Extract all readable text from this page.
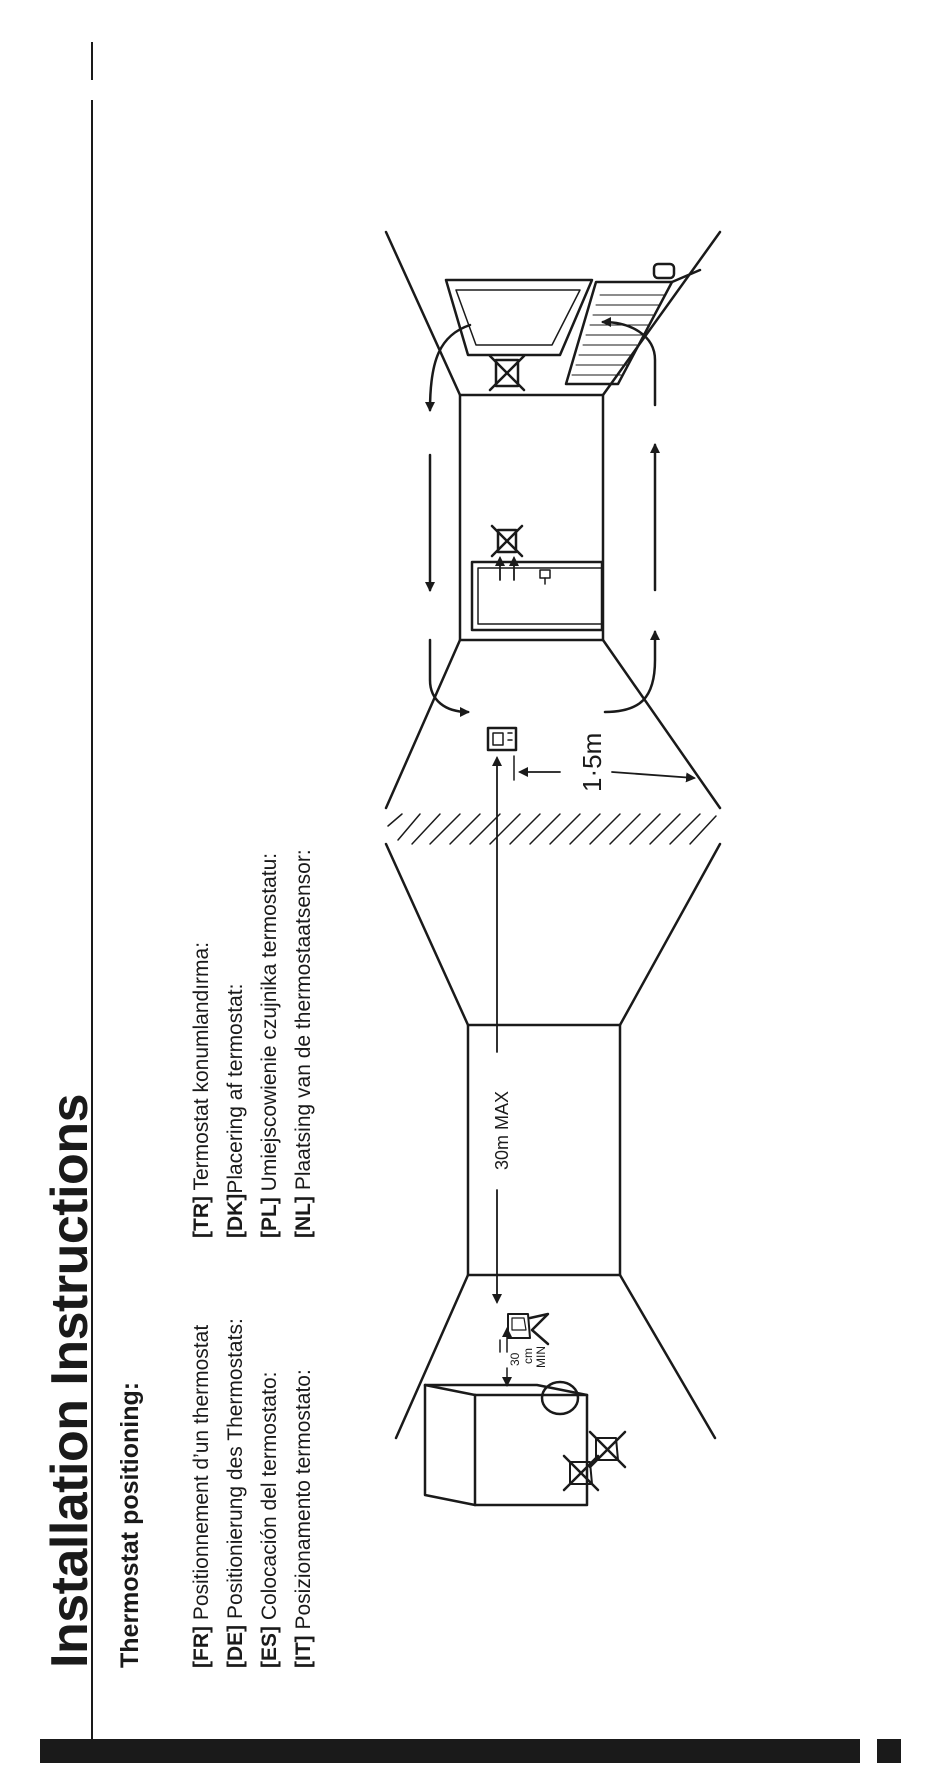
Installation Instructions Thermostat positioning: [FR] Positionnement d’un thermostat
[DE] Positionierung des Thermostats:
[ES] Colocación del termostato:
[IT] Posizionamento termostato:
[TR] Termostat konumlandırma:
[DK]Placering af termostat:
[PL] Umiejscowienie czujnika termostatu:
[NL] Plaatsing van de thermostaatsensor:
1·5m
30m MAX
30 cm MIN
